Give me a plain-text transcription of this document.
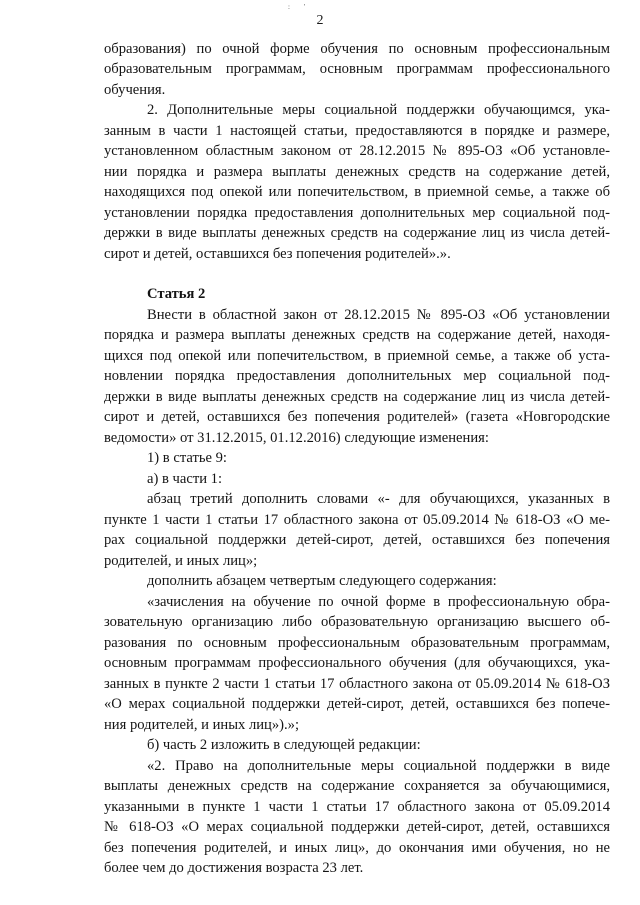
: '
2
образования) по очной форме обучения по основным профессиональным
образовательным программам, основным программам профессионального
обучения.
2. Дополнительные меры социальной поддержки обучающимся, ука-
занным в части 1 настоящей статьи, предоставляются в порядке и размере,
установленном областным законом от 28.12.2015 № 895-ОЗ «Об установле-
нии порядка и размера выплаты денежных средств на содержание детей,
находящихся под опекой или попечительством, в приемной семье, а также об
установлении порядка предоставления дополнительных мер социальной под-
держки в виде выплаты денежных средств на содержание лиц из числа детей-
сирот и детей, оставшихся без попечения родителей».».
Статья 2
Внести в областной закон от 28.12.2015 № 895-ОЗ «Об установлении
порядка и размера выплаты денежных средств на содержание детей, находя-
щихся под опекой или попечительством, в приемной семье, а также об уста-
новлении порядка предоставления дополнительных мер социальной под-
держки в виде выплаты денежных средств на содержание лиц из числа детей-
сирот и детей, оставшихся без попечения родителей» (газета «Новгородские
ведомости» от 31.12.2015, 01.12.2016) следующие изменения:
1) в статье 9:
а) в части 1:
абзац третий дополнить словами «- для обучающихся, указанных в
пункте 1 части 1 статьи 17 областного закона от 05.09.2014 № 618-ОЗ «О ме-
рах социальной поддержки детей-сирот, детей, оставшихся без попечения
родителей, и иных лиц»;
дополнить абзацем четвертым следующего содержания:
«зачисления на обучение по очной форме в профессиональную обра-
зовательную организацию либо образовательную организацию высшего об-
разования по основным профессиональным образовательным программам,
основным программам профессионального обучения (для обучающихся, ука-
занных в пункте 2 части 1 статьи 17 областного закона от 05.09.2014 № 618-ОЗ
«О мерах социальной поддержки детей-сирот, детей, оставшихся без попече-
ния родителей, и иных лиц»).»;
б) часть 2 изложить в следующей редакции:
«2. Право на дополнительные меры социальной поддержки в виде
выплаты денежных средств на содержание сохраняется за обучающимися,
указанными в пункте 1 части 1 статьи 17 областного закона от 05.09.2014
№ 618-ОЗ «О мерах социальной поддержки детей-сирот, детей, оставшихся
без попечения родителей, и иных лиц», до окончания ими обучения, но не
более чем до достижения возраста 23 лет.
